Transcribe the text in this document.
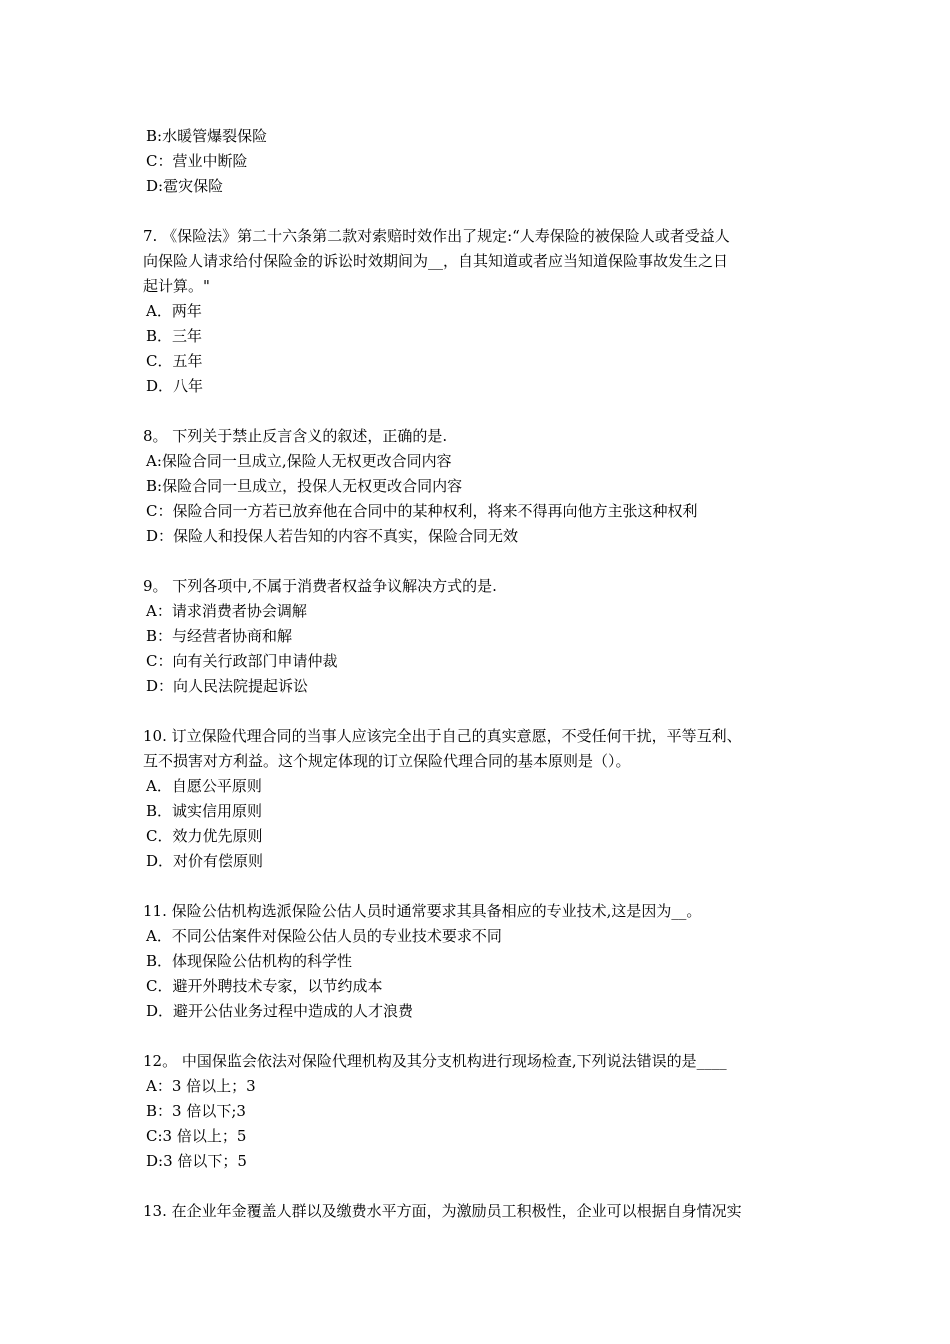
B:水暖管爆裂保险
C：营业中断险
D:雹灾保险
7. 《保险法》第二十六条第二款对索赔时效作出了规定:“人寿保险的被保险人或者受益人
向保险人请求给付保险金的诉讼时效期间为__，自其知道或者应当知道保险事故发生之日
起计算。"
A．两年
B．三年
C．五年
D．八年
8。 下列关于禁止反言含义的叙述，正确的是.
A:保险合同一旦成立,保险人无权更改合同内容
B:保险合同一旦成立，投保人无权更改合同内容
C：保险合同一方若已放弃他在合同中的某种权利，将来不得再向他方主张这种权利
D：保险人和投保人若告知的内容不真实，保险合同无效
9。 下列各项中,不属于消费者权益争议解决方式的是.
A：请求消费者协会调解
B：与经营者协商和解
C：向有关行政部门申请仲裁
D：向人民法院提起诉讼
10. 订立保险代理合同的当事人应该完全出于自己的真实意愿，不受任何干扰，平等互利、
互不损害对方利益。这个规定体现的订立保险代理合同的基本原则是（）。
A．自愿公平原则
B．诚实信用原则
C．效力优先原则
D．对价有偿原则
11. 保险公估机构选派保险公估人员时通常要求其具备相应的专业技术,这是因为__。
A．不同公估案件对保险公估人员的专业技术要求不同
B．体现保险公估机构的科学性
C．避开外聘技术专家，以节约成本
D．避开公估业务过程中造成的人才浪费
12。 中国保监会依法对保险代理机构及其分支机构进行现场检查,下列说法错误的是____
A：3 倍以上；3
B：3 倍以下;3
C:3 倍以上；5
D:3 倍以下；5
13. 在企业年金覆盖人群以及缴费水平方面，为激励员工积极性，企业可以根据自身情况实
